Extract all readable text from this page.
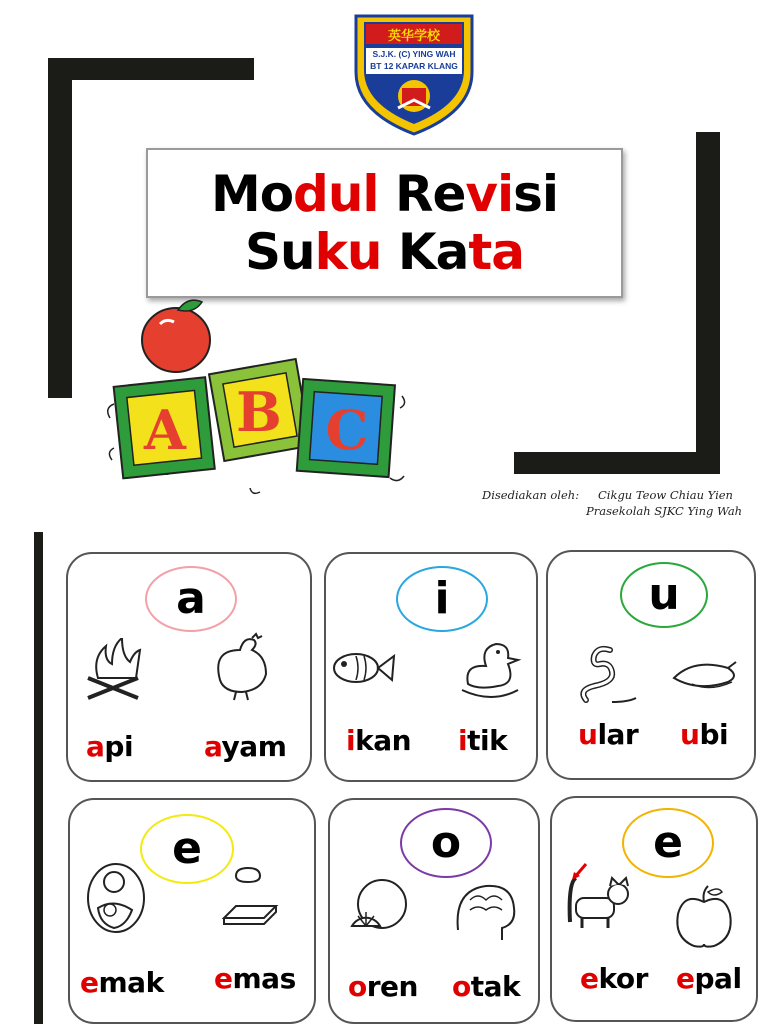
英华学校
S.J.K. (C) YING WAH
BT 12 KAPAR KLANG
Modul Revisi
Suku Kata
A B C
Disediakan oleh: Cikgu Teow Chiau Yien
Prasekolah SJKC Ying Wah
a
api	ayam
i
ikan itik
u
ular ubi
e
emak emas
o
oren otak
e
ekor epal
